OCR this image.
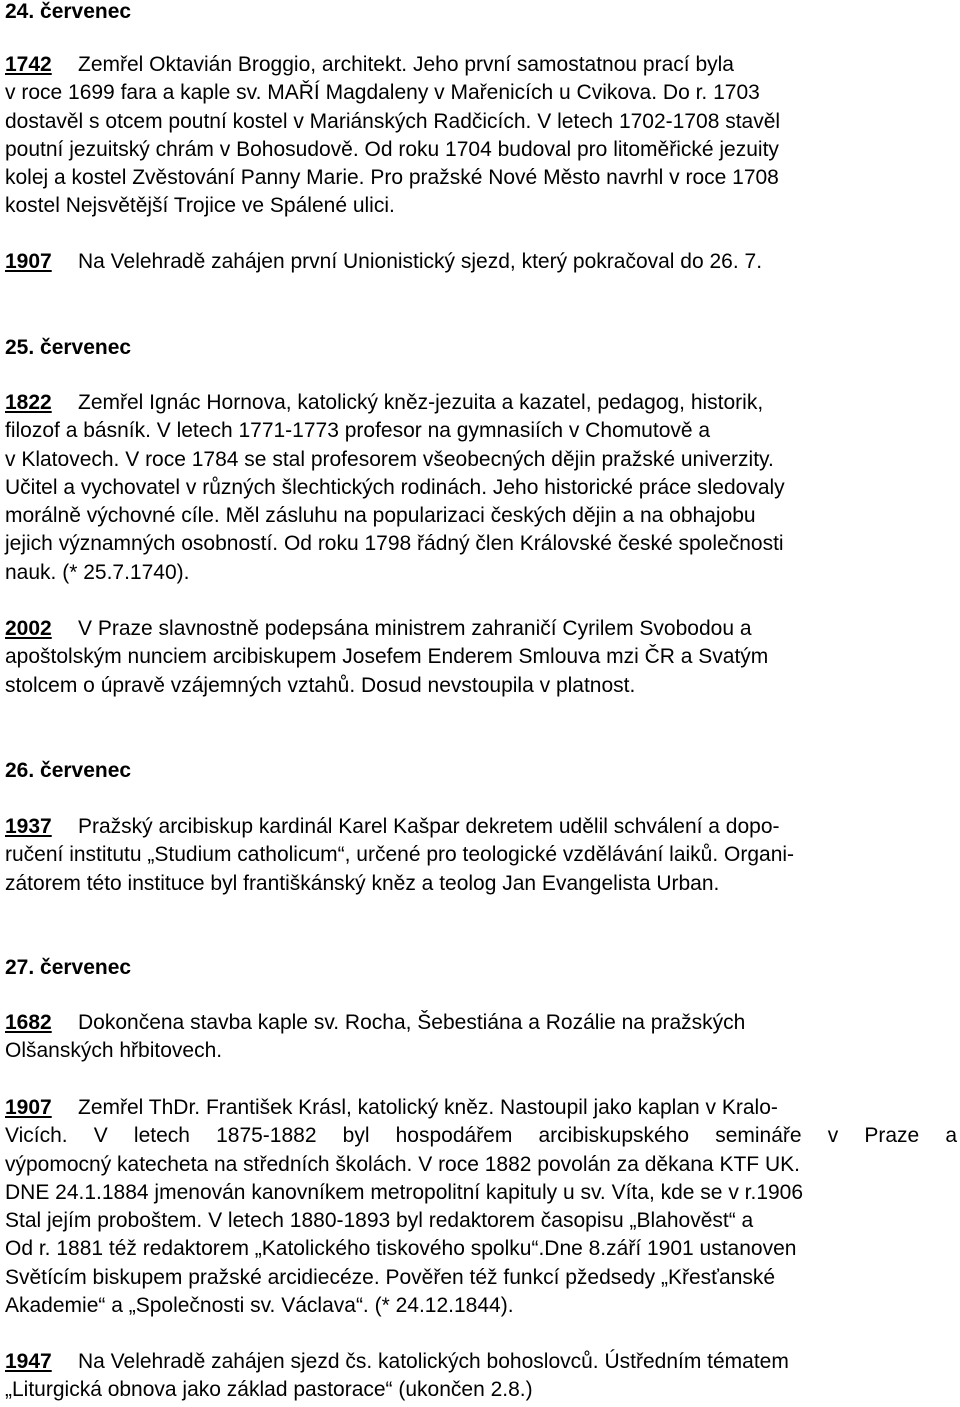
24. červenec
1742 Zemřel Oktavián Broggio, architekt. Jeho první samostatnou prací byla
v roce 1699 fara a kaple sv. MAŘÍ Magdaleny v Mařenicích u Cvikova. Do r. 1703
dostavěl s otcem poutní kostel v Mariánských Radčicích. V letech 1702-1708 stavěl
poutní jezuitský chrám v Bohosudově. Od roku 1704 budoval pro litoměřické jezuity
kolej a kostel Zvěstování Panny Marie. Pro pražské Nové Město navrhl v roce 1708
kostel Nejsvětější Trojice ve Spálené ulici.
1907 Na Velehradě zahájen první Unionistický sjezd, který pokračoval do 26. 7.
25. červenec
1822 Zemřel Ignác Hornova, katolický kněz-jezuita a kazatel, pedagog, historik,
filozof a básník. V letech 1771-1773 profesor na gymnasiích v Chomutově a
v Klatovech. V roce 1784 se stal profesorem všeobecných dějin pražské univerzity.
Učitel a vychovatel v různých šlechtických rodinách. Jeho historické práce sledovaly
morálně výchovné cíle. Měl zásluhu na popularizaci českých dějin a na obhajobu
jejich významných osobností. Od roku 1798 řádný člen Královské české společnosti
nauk. (* 25.7.1740).
2002 V Praze slavnostně podepsána ministrem zahraničí Cyrilem Svobodou a
apoštolským nunciem arcibiskupem Josefem Enderem Smlouva mzi ČR a Svatým
stolcem o úpravě vzájemných vztahů. Dosud nevstoupila v platnost.
26. červenec
1937 Pražský arcibiskup kardinál Karel Kašpar dekretem udělil schválení a dopo-
ručení institutu „Studium catholicum“, určené pro teologické vzdělávání laiků. Organi-
zátorem této instituce byl františkánský kněz a teolog Jan Evangelista Urban.
27. červenec
1682 Dokončena stavba kaple sv. Rocha, Šebestiána a Rozálie na pražských
Olšanských hřbitovech.
1907 Zemřel ThDr. František Krásl, katolický kněz. Nastoupil jako kaplan v Kralo-
Vicích. V letech 1875-1882 byl hospodářem arcibiskupského semináře v Praze a
výpomocný katecheta na středních školách. V roce 1882 povolán za děkana KTF UK.
DNE 24.1.1884 jmenován kanovníkem metropolitní kapituly u sv. Víta, kde se v r.1906
Stal jejím proboštem. V letech 1880-1893 byl redaktorem časopisu „Blahověst“ a
Od r. 1881 též redaktorem „Katolického tiskového spolku“.Dne 8.září 1901 ustanoven
Světícím biskupem pražské arcidiecéze. Pověřen též funkcí pžedsedy „Křesťanské
Akademie“ a „Společnosti sv. Václava“. (* 24.12.1844).
1947 Na Velehradě zahájen sjezd čs. katolických bohoslovců. Ústředním tématem
„Liturgická obnova jako základ pastorace“ (ukončen 2.8.)
